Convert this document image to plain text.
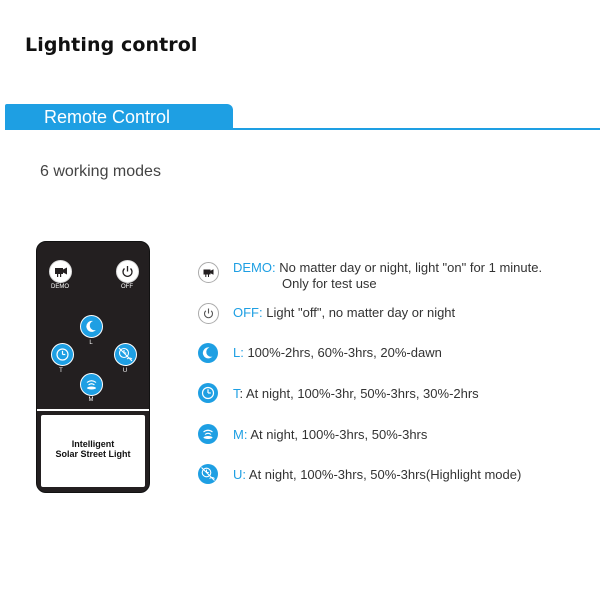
Lighting control
Remote Control
6 working modes
DEMO	OFF
L
T	U
M
Intelligent
Solar Street Light
DEMO: No matter day or night, light "on" for 1 minute.
Only for test use
OFF: Light "off", no matter day or night
L: 100%-2hrs, 60%-3hrs, 20%-dawn
T: At night, 100%-3hr, 50%-3hrs, 30%-2hrs
M: At night, 100%-3hrs, 50%-3hrs
U: At night, 100%-3hrs, 50%-3hrs(Highlight mode)
